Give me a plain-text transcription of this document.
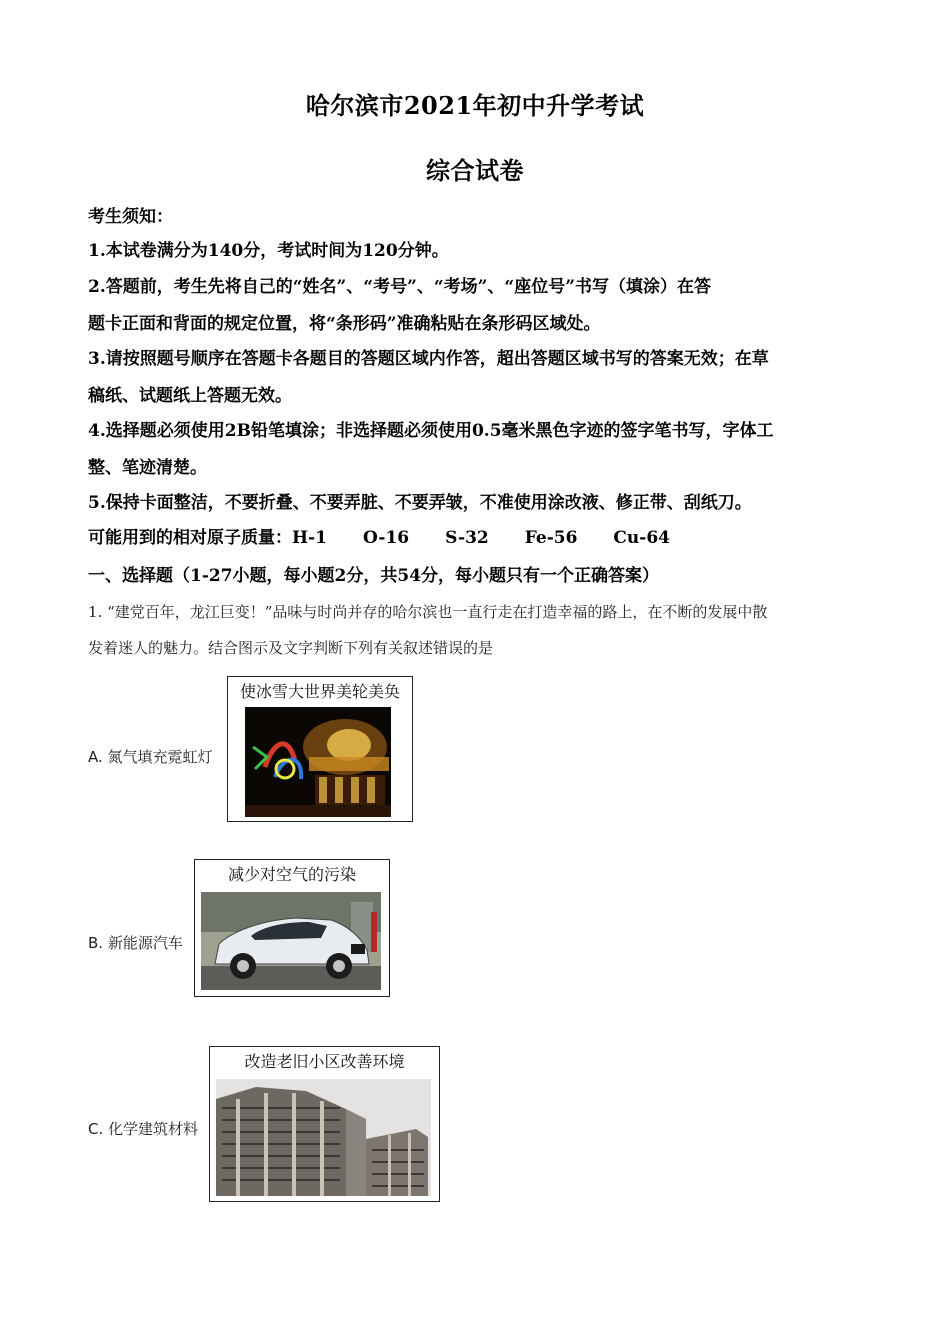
哈尔滨市2021年初中升学考试
综合试卷
考生须知：
1.本试卷满分为140分，考试时间为120分钟。
2.答题前，考生先将自己的“姓名”、“考号”、“考场”、“座位号”书写（填涂）在答
题卡正面和背面的规定位置，将“条形码”准确粘贴在条形码区域处。
3.请按照题号顺序在答题卡各题目的答题区域内作答，超出答题区域书写的答案无效；在草
稿纸、试题纸上答题无效。
4.选择题必须使用2B铅笔填涂；非选择题必须使用0.5毫米黑色字迹的签字笔书写，字体工
整、笔迹清楚。
5.保持卡面整洁，不要折叠、不要弄脏、不要弄皱，不准使用涂改液、修正带、刮纸刀。
可能用到的相对原子质量：H-1 O-16 S-32 Fe-56 Cu-64
一、选择题（1-27小题，每小题2分，共54分，每小题只有一个正确答案）
1. “建党百年，龙江巨变！”品味与时尚并存的哈尔滨也一直行走在打造幸福的路上，在不断的发展中散
发着迷人的魅力。结合图示及文字判断下列有关叙述错误的是
A. 氮气填充霓虹灯
使冰雪大世界美轮美奂
B. 新能源汽车
减少对空气的污染
C. 化学建筑材料
改造老旧小区改善环境
